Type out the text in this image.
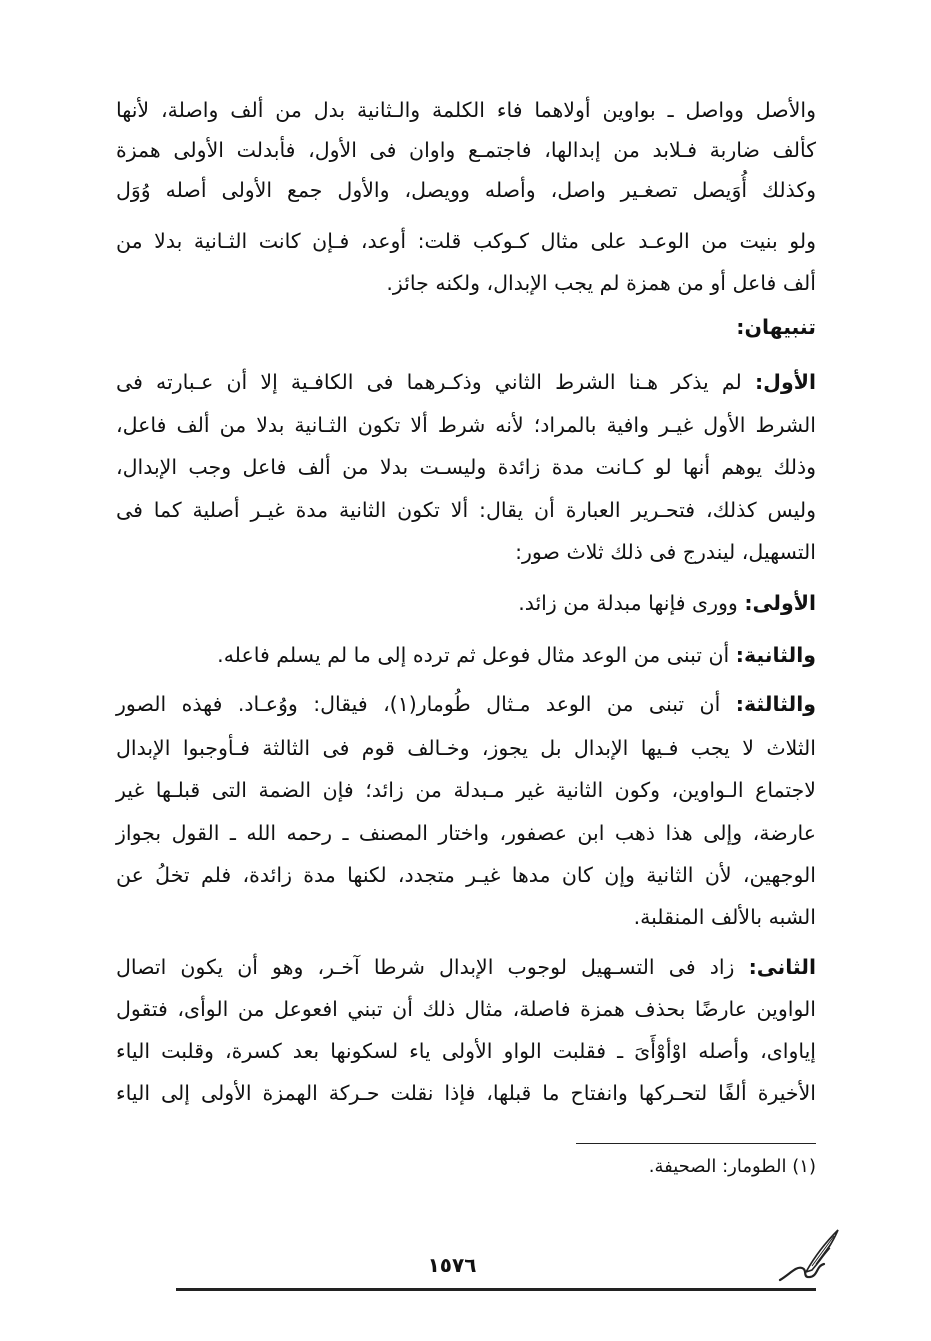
والأصل وواصل ـ بواوين أولاهما فاء الكلمة والـثانية بدل من ألف واصلة، لأنها
كألف ضاربة فـلابد من إبدالها، فاجتمـع واوان فى الأول، فأبدلت الأولى همزة
وكذلك أُوَيصل تصغـير واصل، وأصله وويصل، والأول جمع الأولى أصله وُوَل
ولو بنيت من الوعـد على مثال كـوكب قلت: أوعد، فـإن كانت الثـانية بدلا من
ألف فاعل أو من همزة لم يجب الإبدال، ولكنه جائز.
تنبيهان:
الأول: لم يذكر هـنا الشرط الثاني وذكـرهما فى الكافـية إلا أن عـبارته فى
الشرط الأول غيـر وافية بالمراد؛ لأنه شرط ألا تكون الثـانية بدلا من ألف فاعل،
وذلك يوهم أنها لو كـانت مدة زائدة وليسـت بدلا من ألف فاعل وجب الإبدال،
وليس كذلك، فتحـرير العبارة أن يقال: ألا تكون الثانية مدة غيـر أصلية كما فى
التسهيل، ليندرج فى ذلك ثلاث صور:
الأولى: ووری فإنها مبدلة من زائد.
والثانية: أن تبنى من الوعد مثال فوعل ثم ترده إلى ما لم يسلم فاعله.
والثالثة: أن تبنى من الوعد مـثال طُومار(١)، فيقال: ووُعـاد. فهذه الصور
الثلاث لا يجب فـيها الإبدال بل يجوز، وخـالف قوم فى الثالثة فـأوجبوا الإبدال
لاجتماع الـواوين، وكون الثانية غير مـبدلة من زائد؛ فإن الضمة التى قبلـها غير
عارضة، وإلى هذا ذهب ابن عصفور، واختار المصنف ـ رحمه الله ـ القول بجواز
الوجهين، لأن الثانية وإن كان مدها غيـر متجدد، لكنها مدة زائدة، فلم تخلُ عن
الشبه بالألف المنقلبة.
الثانى: زاد فى التسـهيل لوجوب الإبدال شرطا آخـر، وهو أن يكون اتصال
الواوين عارضًا بحذف همزة فاصلة، مثال ذلك أن تبني افعوعل من الوأى، فتقول
إياوای، وأصله اوْأوْأَیَ ـ فقلبت الواو الأولى ياء لسكونها بعد كسرة، وقلبت الياء
الأخيرة ألفًا لتحـركها وانفتاح ما قبلها، فإذا نقلت حـركة الهمزة الأولى إلى الياء
(١) الطومار: الصحيفة.
١٥٧٦
